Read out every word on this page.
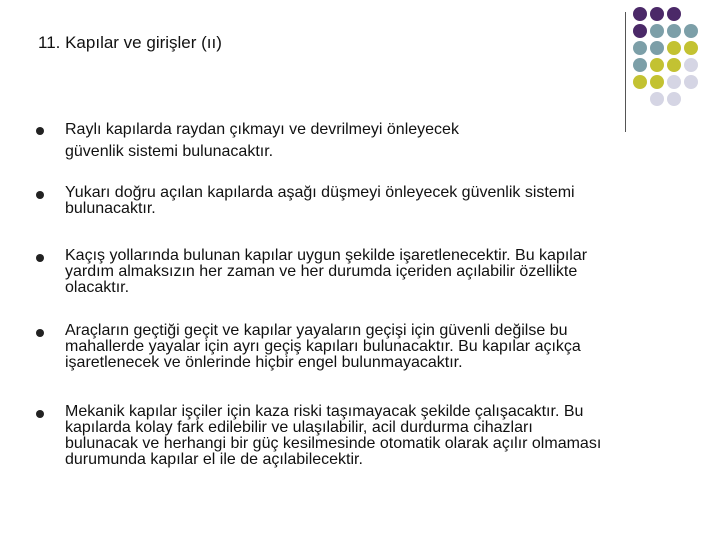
11. Kapılar ve girişler (ıı)
Raylı kapılarda raydan çıkmayı ve devrilmeyi önleyecek
güvenlik sistemi bulunacaktır.
Yukarı doğru açılan kapılarda aşağı düşmeyi önleyecek güvenlik sistemi
bulunacaktır.
Kaçış yollarında bulunan kapılar uygun şekilde işaretlenecektir. Bu kapılar
yardım almaksızın her zaman ve her durumda içeriden açılabilir özellikte
olacaktır.
Araçların geçtiği geçit ve kapılar yayaların geçişi için güvenli değilse bu
mahallerde yayalar için ayrı geçiş kapıları bulunacaktır. Bu kapılar açıkça
işaretlenecek ve önlerinde hiçbir engel bulunmayacaktır.
Mekanik kapılar işçiler için kaza riski taşımayacak şekilde çalışacaktır. Bu
kapılarda kolay fark edilebilir ve ulaşılabilir, acil durdurma cihazları
bulunacak ve herhangi bir güç kesilmesinde otomatik olarak açılır olmaması
durumunda kapılar el ile de açılabilecektir.
